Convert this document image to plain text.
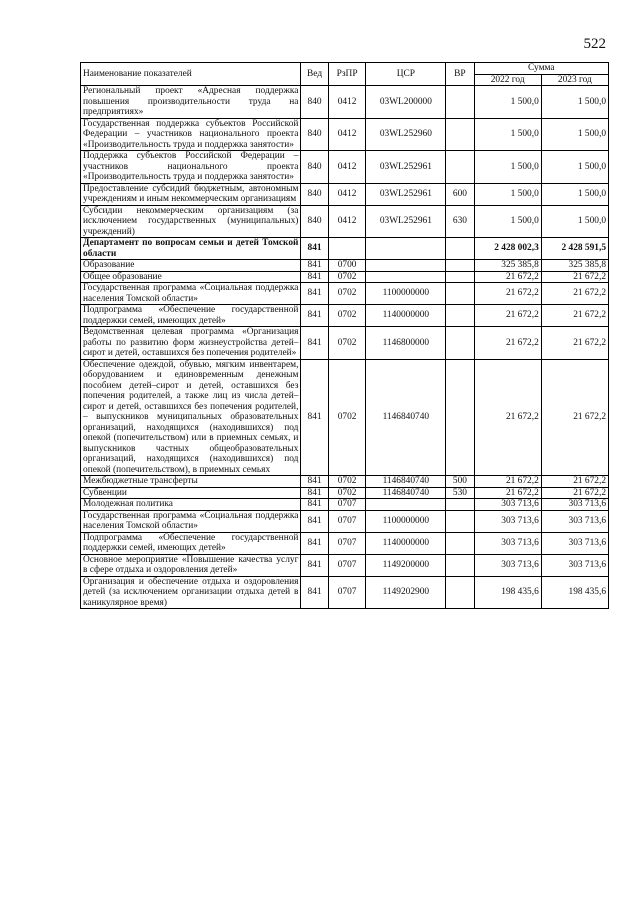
522
Наименование показателей	Вед	РзПР	ЦСР	ВР	Сумма	
					2022 год	2023 год
Региональный проект «Адресная поддержка повышения производительности труда на предприятиях»	840	0412	03WL200000		1 500,0	1 500,0
Государственная поддержка субъектов Российской Федерации – участников национального проекта «Производительность труда и поддержка занятости»	840	0412	03WL252960		1 500,0	1 500,0
Поддержка субъектов Российской Федерации – участников национального проекта «Производительность труда и поддержка занятости»	840	0412	03WL252961		1 500,0	1 500,0
Предоставление субсидий бюджетным, автономным учреждениям и иным некоммерческим организациям	840	0412	03WL252961	600	1 500,0	1 500,0
Субсидии некоммерческим организациям (за исключением государственных (муниципальных) учреждений)	840	0412	03WL252961	630	1 500,0	1 500,0
Департамент по вопросам семьи и детей Томской области	841				2 428 002,3	2 428 591,5
Образование	841	0700			325 385,8	325 385,8
Общее образование	841	0702			21 672,2	21 672,2
Государственная программа «Социальная поддержка населения Томской области»	841	0702	1100000000		21 672,2	21 672,2
Подпрограмма «Обеспечение государственной поддержки семей, имеющих детей»	841	0702	1140000000		21 672,2	21 672,2
Ведомственная целевая программа «Организация работы по развитию форм жизнеустройства детей–сирот и детей, оставшихся без попечения родителей»	841	0702	1146800000		21 672,2	21 672,2
Обеспечение одеждой, обувью, мягким инвентарем, оборудованием и единовременным денежным пособием детей–сирот и детей, оставшихся без попечения родителей, а также лиц из числа детей–сирот и детей, оставшихся без попечения родителей, – выпускников муниципальных образовательных организаций, находящихся (находившихся) под опекой (попечительством) или в приемных семьях, и выпускников частных общеобразовательных организаций, находящихся (находившихся) под опекой (попечительством), в приемных семьях	841	0702	1146840740		21 672,2	21 672,2
Межбюджетные трансферты	841	0702	1146840740	500	21 672,2	21 672,2
Субвенции	841	0702	1146840740	530	21 672,2	21 672,2
Молодежная политика	841	0707			303 713,6	303 713,6
Государственная программа «Социальная поддержка населения Томской области»	841	0707	1100000000		303 713,6	303 713,6
Подпрограмма «Обеспечение государственной поддержки семей, имеющих детей»	841	0707	1140000000		303 713,6	303 713,6
Основное мероприятие «Повышение качества услуг в сфере отдыха и оздоровления детей»	841	0707	1149200000		303 713,6	303 713,6
Организация и обеспечение отдыха и оздоровления детей (за исключением организации отдыха детей в каникулярное время)	841	0707	1149202900		198 435,6	198 435,6
